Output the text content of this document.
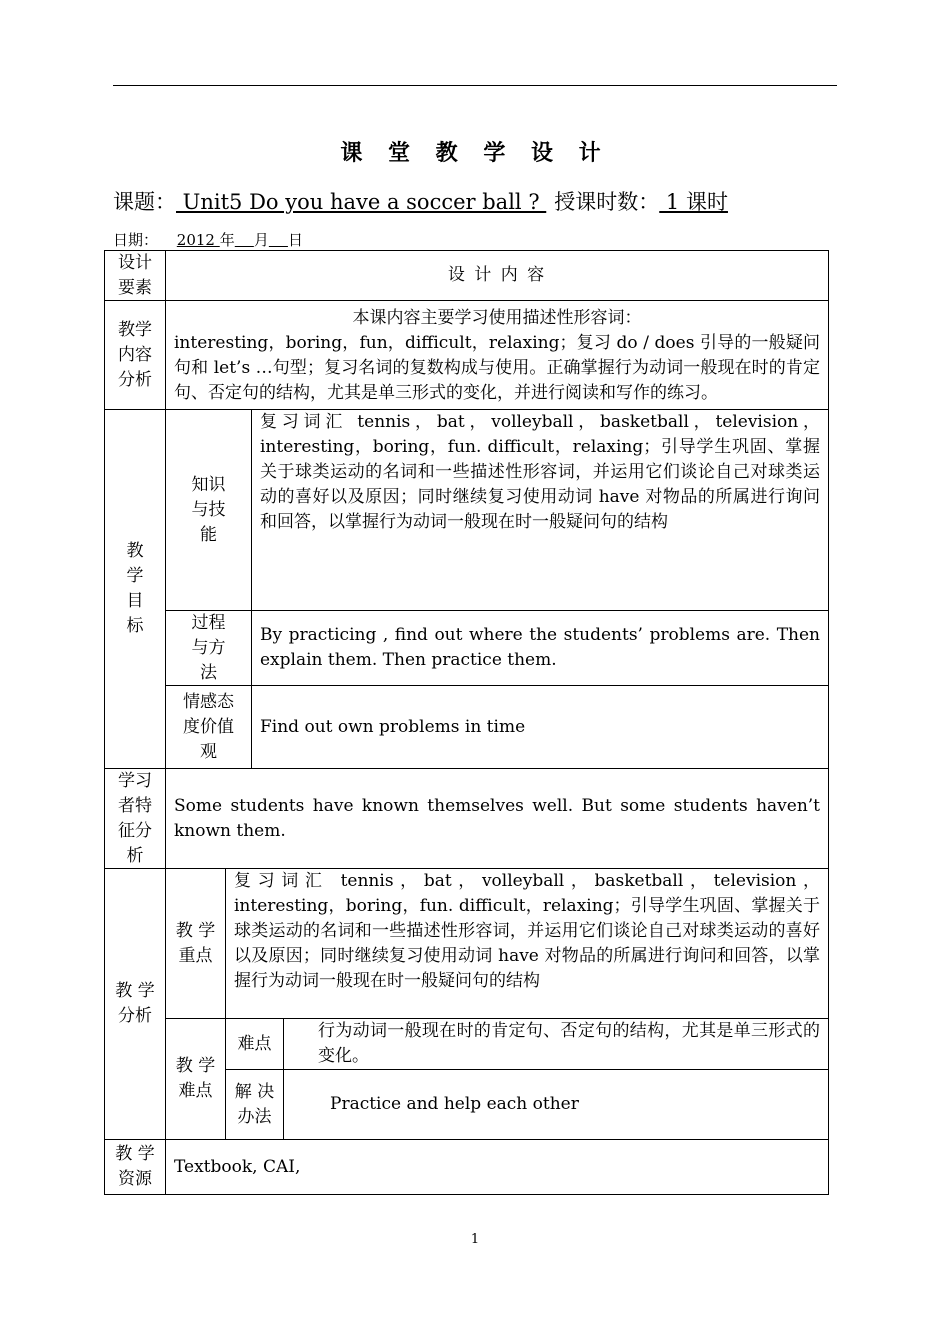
课 堂 教 学 设 计
课题： Unit5 Do you have a soccer ball ? 授课时数： 1 课时
日期： 2012 年 月 日
设计要素
设 计 内 容
教学内容分析
本课内容主要学习使用描述性形容词：
interesting，boring，fun，difficult，relaxing；复习 do / does 引导的一般疑问句和 let’s …句型；复习名词的复数构成与使用。正确掌握行为动词一般现在时的肯定句、否定句的结构，尤其是单三形式的变化，并进行阅读和写作的练习。
教学目标
知识与技能
复习词汇 tennis，bat，volleyball，basketball，television，interesting，boring，fun. difficult，relaxing；引导学生巩固、掌握关于球类运动的名词和一些描述性形容词，并运用它们谈论自己对球类运动的喜好以及原因；同时继续复习使用动词 have 对物品的所属进行询问和回答，以掌握行为动词一般现在时一般疑问句的结构
过程与方法
By practicing , find out where the students’ problems are. Then explain them. Then practice them.
情感态度价值观
Find out own problems in time
学习者特征分析
Some students have known themselves well. But some students haven’t known them.
教 学分析
教 学重点
复习词汇 tennis，bat，volleyball，basketball，television，interesting，boring，fun. difficult，relaxing；引导学生巩固、掌握关于球类运动的名词和一些描述性形容词，并运用它们谈论自己对球类运动的喜好以及原因；同时继续复习使用动词 have 对物品的所属进行询问和回答，以掌握行为动词一般现在时一般疑问句的结构
教 学难点
难点
行为动词一般现在时的肯定句、否定句的结构，尤其是单三形式的变化。
解 决办法
Practice and help each other
教 学资源
Textbook, CAI,
1
